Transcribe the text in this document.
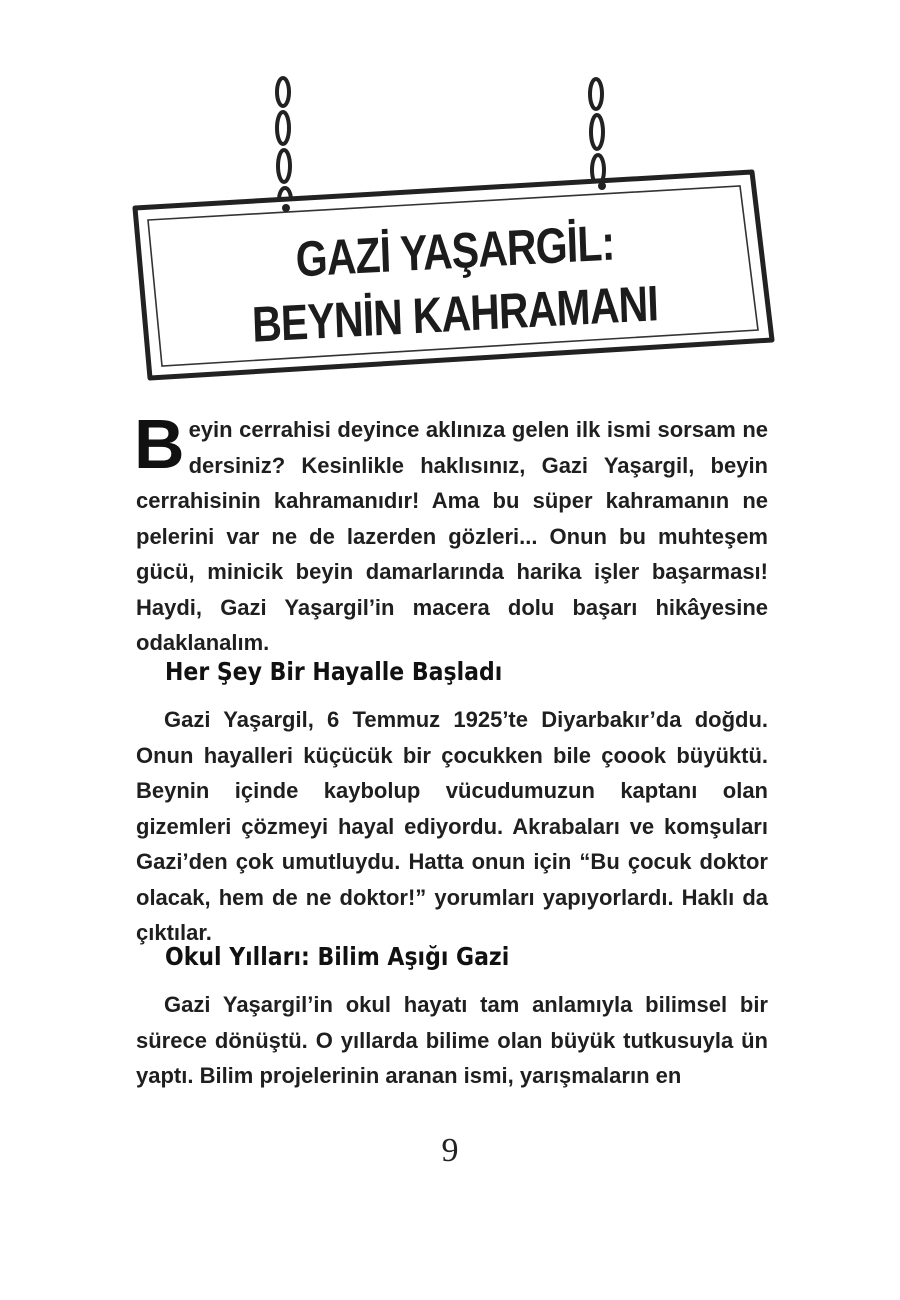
GAZİ YAŞARGİL:
BEYNİN KAHRAMANI

Beyin cerrahisi deyince aklınıza gelen ilk ismi sorsam ne dersiniz? Kesinlikle haklısınız, Gazi Yaşargil, beyin cerrahisinin kahramanıdır! Ama bu süper kahramanın ne pelerini var ne de lazerden gözleri... Onun bu muhteşem gücü, minicik beyin damarlarında harika işler başarması! Haydi, Gazi Yaşargil’in macera dolu başarı hikâyesine odaklanalım.

Her Şey Bir Hayalle Başladı

Gazi Yaşargil, 6 Temmuz 1925’te Diyarbakır’da doğdu. Onun hayalleri küçücük bir çocukken bile çoook büyüktü. Beynin içinde kaybolup vücudumuzun kaptanı olan gizemleri çözmeyi hayal ediyordu. Akrabaları ve komşuları Gazi’den çok umutluydu. Hatta onun için “Bu çocuk doktor olacak, hem de ne doktor!” yorumları yapıyorlardı. Haklı da çıktılar.

Okul Yılları: Bilim Aşığı Gazi

Gazi Yaşargil’in okul hayatı tam anlamıyla bilimsel bir sürece dönüştü. O yıllarda bilime olan büyük tutkusuyla ün yaptı. Bilim projelerinin aranan ismi, yarışmaların en

9
